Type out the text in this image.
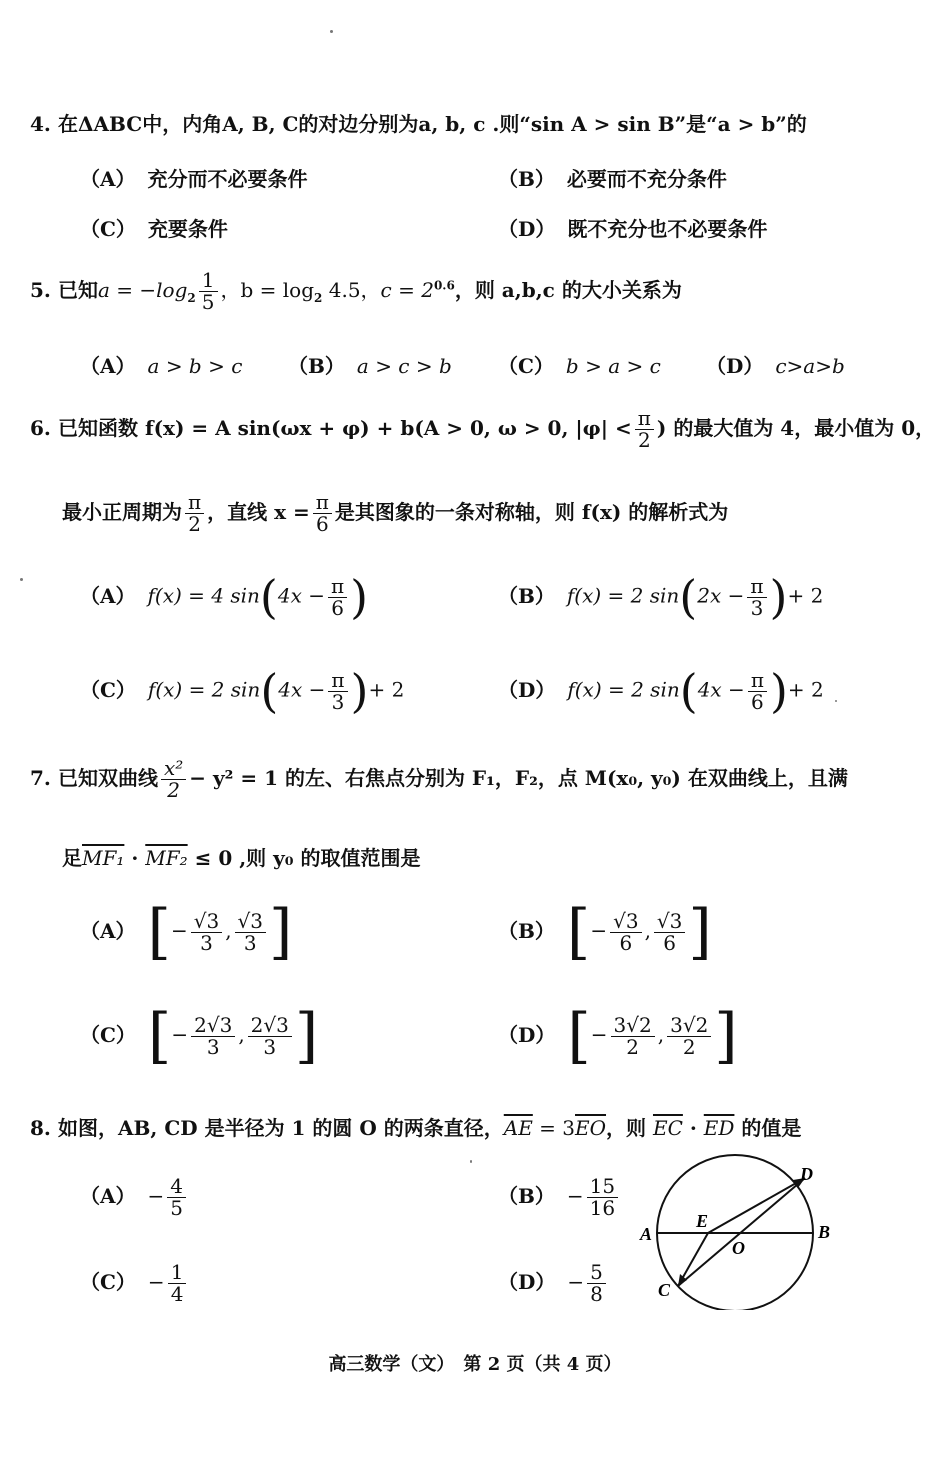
4. 在ΔABC中，内角A, B, C的对边分别为a, b, c .则“sin A > sin B”是“a > b”的
（A） 充分而不必要条件	（B） 必要而不充分条件
（C） 充要条件	（D） 既不充分也不必要条件
5. 已知$a = -\log_2 \frac{1}{5}$ ，$b = \log_2 4.5$，$c = 2^{0.6}$，则 a,b,c 的大小关系为
（A） a > b > c （B） a > c > b （C） b > a > c （D） c>a>b
6. 已知函数 f(x) = A sin(ωx + φ) + b(A > 0, ω > 0, $|\varphi| < \frac{\pi}{2}$ ) 的最大值为 4，最小值为 0，
最小正周期为 $\frac{\pi}{2}$ ，直线 $x = \frac{\pi}{6}$ 是其图象的一条对称轴，则 f(x) 的解析式为
（A） f(x) = 4 $\sin(4x - \frac{\pi}{6}$ )	（B） f(x) = 2 $\sin(2x - \frac{\pi}{3}$ )+ 2
（C） f(x) = 2 $\sin(4x - \frac{\pi}{3}$ )+ 2	（D） f(x) = 2 $\sin(4x - \frac{\pi}{6}$ )+ 2
7. 已知双曲线 $\frac{\text{x²}}{2} - y^2 = 1$ 的左、右焦点分别为 F₁，F₂，点 M(x₀, y₀) 在双曲线上，且满
足MF₁ · MF₂ ≤ 0 ,则 y₀ 的取值范围是
（A） [− $\frac{√3}{3}$ , $\frac{√3}{3}$ ]	（B） [− $\frac{√3}{6}$ , $\frac{√3}{6}$ ]
（C） [− $\frac{2√3}{3}$ , $\frac{2√3}{3}$ ]	（D） [− $\frac{3√2}{2}$ , $\frac{3√2}{2}$ ]
8. 如图，AB, CD 是半径为 1 的圆 O 的两条直径，$\overline{AE} = 3\overline{EO}$，则 $\overline{EC} \cdot \overline{ED}$ 的值是
$(A) - \frac{4}{5}$	$(B) - \frac{15}{16}$
$(C) - \frac{1}{4}$	$(D) - \frac{5}{8}$
A	B
C
D
E
O
高三数学（文）　第 2 页（共 4 页）
